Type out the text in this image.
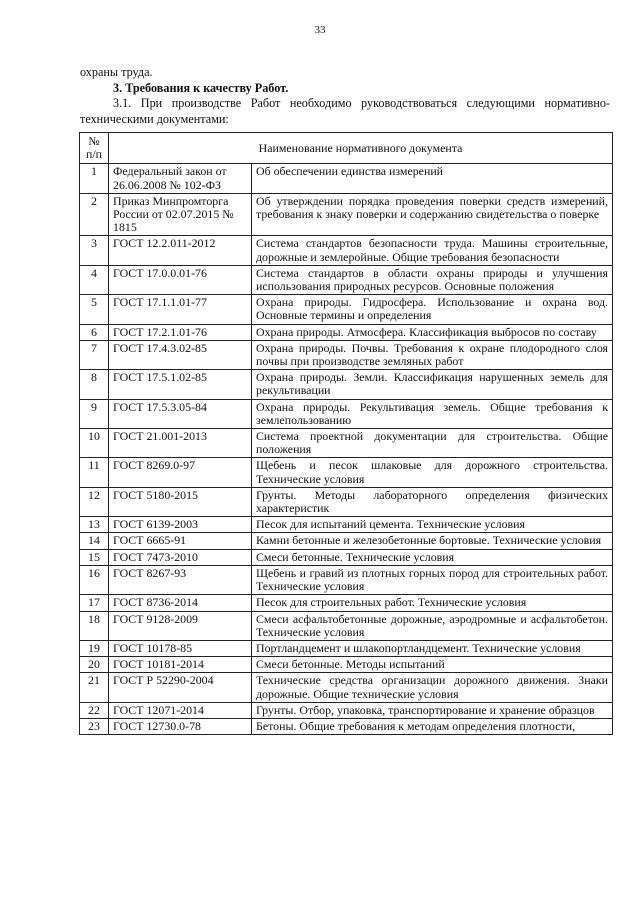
33
охраны труда.
3. Требования к качеству Работ.
3.1. При производстве Работ необходимо руководствоваться следующими нормативно-техническими документами:
№ п/п	Наименование нормативного документа	
1	Федеральный закон от 26.06.2008 № 102-ФЗ	Об обеспечении единства измерений
2	Приказ Минпромторга России от 02.07.2015 № 1815	Об утверждении порядка проведения поверки средств измерений, требования к знаку поверки и содержанию свидетельства о поверке
3	ГОСТ 12.2.011-2012	Система стандартов безопасности труда. Машины строительные, дорожные и землеройные. Общие требования безопасности
4	ГОСТ 17.0.0.01-76	Система стандартов в области охраны природы и улучшения использования природных ресурсов. Основные положения
5	ГОСТ 17.1.1.01-77	Охрана природы. Гидросфера. Использование и охрана вод. Основные термины и определения
6	ГОСТ 17.2.1.01-76	Охрана природы. Атмосфера. Классификация выбросов по составу
7	ГОСТ 17.4.3.02-85	Охрана природы. Почвы. Требования к охране плодородного слоя почвы при производстве земляных работ
8	ГОСТ 17.5.1.02-85	Охрана природы. Земли. Классификация нарушенных земель для рекультивации
9	ГОСТ 17.5.3.05-84	Охрана природы. Рекультивация земель. Общие требования к землепользованию
10	ГОСТ 21.001-2013	Система проектной документации для строительства. Общие положения
11	ГОСТ 8269.0-97	Щебень и песок шлаковые для дорожного строительства. Технические условия
12	ГОСТ 5180-2015	Грунты. Методы лабораторного определения физических характеристик
13	ГОСТ 6139-2003	Песок для испытаний цемента. Технические условия
14	ГОСТ 6665-91	Камни бетонные и железобетонные бортовые. Технические условия
15	ГОСТ 7473-2010	Смеси бетонные. Технические условия
16	ГОСТ 8267-93	Щебень и гравий из плотных горных пород для строительных работ. Технические условия
17	ГОСТ 8736-2014	Песок для строительных работ. Технические условия
18	ГОСТ 9128-2009	Смеси асфальтобетонные дорожные, аэродромные и асфальтобетон. Технические условия
19	ГОСТ 10178-85	Портландцемент и шлакопортландцемент. Технические условия
20	ГОСТ 10181-2014	Смеси бетонные. Методы испытаний
21	ГОСТ Р 52290-2004	Технические средства организации дорожного движения. Знаки дорожные. Общие технические условия
22	ГОСТ 12071-2014	Грунты. Отбор, упаковка, транспортирование и хранение образцов
23	ГОСТ 12730.0-78	Бетоны. Общие требования к методам определения плотности,
